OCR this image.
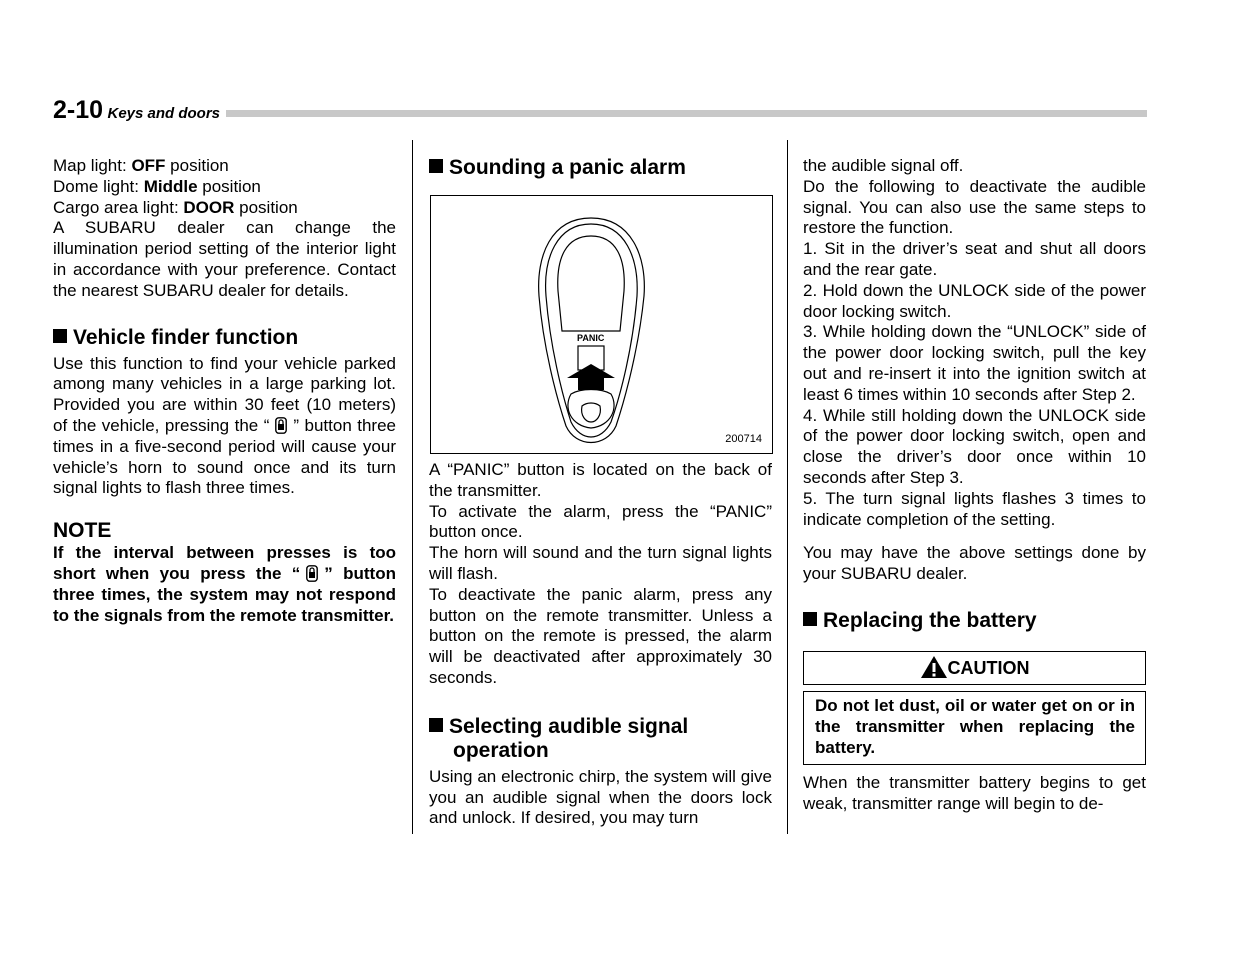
2-10 Keys and doors

Map light: OFF position

Dome light: Middle position

Cargo area light: DOOR position

A SUBARU dealer can change the illumination period setting of the interior light in accordance with your preference. Contact the nearest SUBARU dealer for details.

Vehicle finder function

Use this function to find your vehicle parked among many vehicles in a large parking lot. Provided you are within 30 feet (10 meters) of the vehicle, pressing the “ ” button three times in a five-second period will cause your vehicle’s horn to sound once and its turn signal lights to flash three times.

NOTE

If the interval between presses is too short when you press the “ ” button three times, the system may not respond to the signals from the remote transmitter.

Sounding a panic alarm
PANIC
200714

A “PANIC” button is located on the back of the transmitter.

To activate the alarm, press the “PANIC” button once.

The horn will sound and the turn signal lights will flash.

To deactivate the panic alarm, press any button on the remote transmitter. Unless a button on the remote is pressed, the alarm will be deactivated after approximately 30 seconds.

Selecting audible signal operation

Using an electronic chirp, the system will give you an audible signal when the doors lock and unlock. If desired, you may turn

the audible signal off.

Do the following to deactivate the audible signal. You can also use the same steps to restore the function.

1. Sit in the driver’s seat and shut all doors and the rear gate.

2. Hold down the UNLOCK side of the power door locking switch.

3. While holding down the “UNLOCK” side of the power door locking switch, pull the key out and re-insert it into the ignition switch at least 6 times within 10 seconds after Step 2.

4. While still holding down the UNLOCK side of the power door locking switch, open and close the driver’s door once within 10 seconds after Step 3.

5. The turn signal lights flashes 3 times to indicate completion of the setting.

You may have the above settings done by your SUBARU dealer.

Replacing the battery
CAUTION
Do not let dust, oil or water get on or in the transmitter when replacing the battery.

When the transmitter battery begins to get weak, transmitter range will begin to de-
